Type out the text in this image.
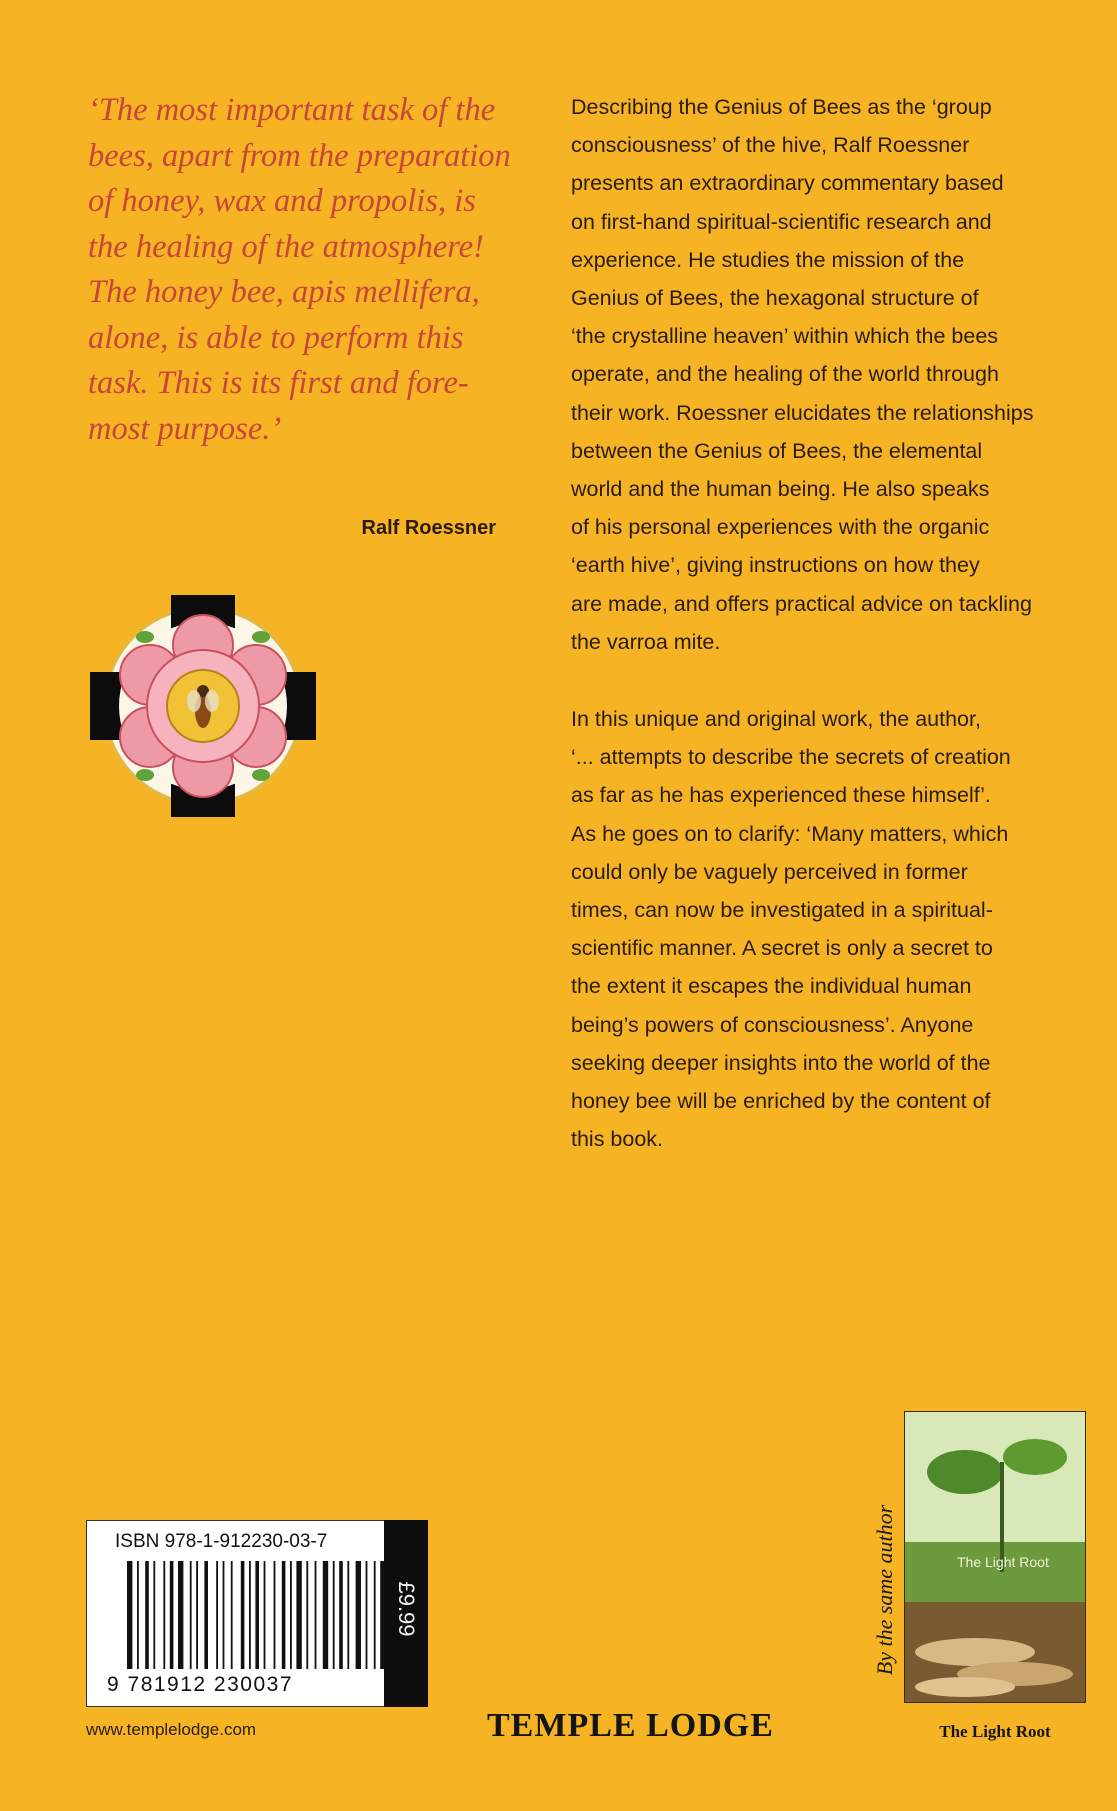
‘The most important task of the
bees, apart from the preparation
of honey, wax and propolis, is
the healing of the atmosphere!
The honey bee, apis mellifera,
alone, is able to perform this
task. This is its first and fore-
most purpose.’
Ralf Roessner

Describing the Genius of Bees as the ‘group
consciousness’ of the hive, Ralf Roessner
presents an extraordinary commentary based
on first-hand spiritual-scientific research and
experience. He studies the mission of the
Genius of Bees, the hexagonal structure of
‘the crystalline heaven’ within which the bees
operate, and the healing of the world through
their work. Roessner elucidates the relationships
between the Genius of Bees, the elemental
world and the human being. He also speaks
of his personal experiences with the organic
‘earth hive’, giving instructions on how they
are made, and offers practical advice on tackling
the varroa mite.

In this unique and original work, the author,
‘... attempts to describe the secrets of creation
as far as he has experienced these himself’.
As he goes on to clarify: ‘Many matters, which
could only be vaguely perceived in former
times, can now be investigated in a spiritual-
scientific manner. A secret is only a secret to
the extent it escapes the individual human
being’s powers of consciousness’. Anyone
seeking deeper insights into the world of the
honey bee will be enriched by the content of
this book.

ISBN 978-1-912230-03-7
9 781912 230037
£9.99
www.templelodge.com	TEMPLE LODGE
By the same author	The Light Root
The Light Root
